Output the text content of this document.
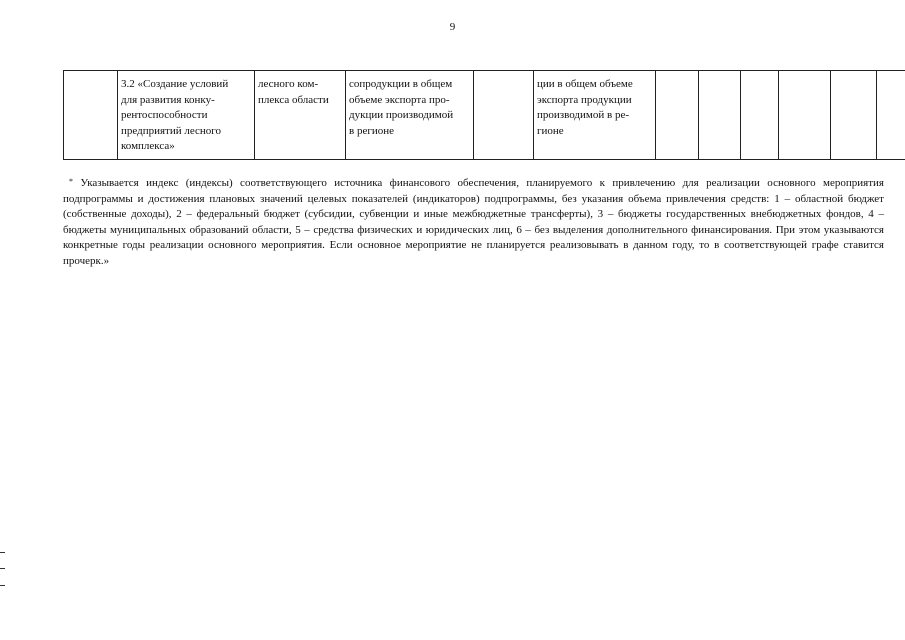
9
	3.2 «Создание условий
для развития конку-
рентоспособности
предприятий лесного
комплекса»	лесного ком-
плекса области	сопродукции в общем
объеме экспорта про-
дукции производимой
в регионе		ции в общем объеме
экспорта продукции
производимой в ре-
гионе						
* Указывается индекс (индексы) соответствующего источника финансового обеспечения, планируемого к привлечению для реализации основного мероприятия подпрограммы и достижения плановых значений целевых показателей (индикаторов) подпрограммы, без указания объема привлечения средств: 1 – областной бюджет (собственные доходы), 2 – федеральный бюджет (субсидии, субвенции и иные межбюджетные трансферты), 3 – бюджеты государственных внебюджетных фондов, 4 – бюджеты муниципальных образований области, 5 – средства физических и юридических лиц, 6 – без выделения дополнительного финансирования. При этом указываются конкретные годы реализации основного мероприятия. Если основное мероприятие не планируется реализовывать в данном году, то в соответствующей графе ставится прочерк.»
